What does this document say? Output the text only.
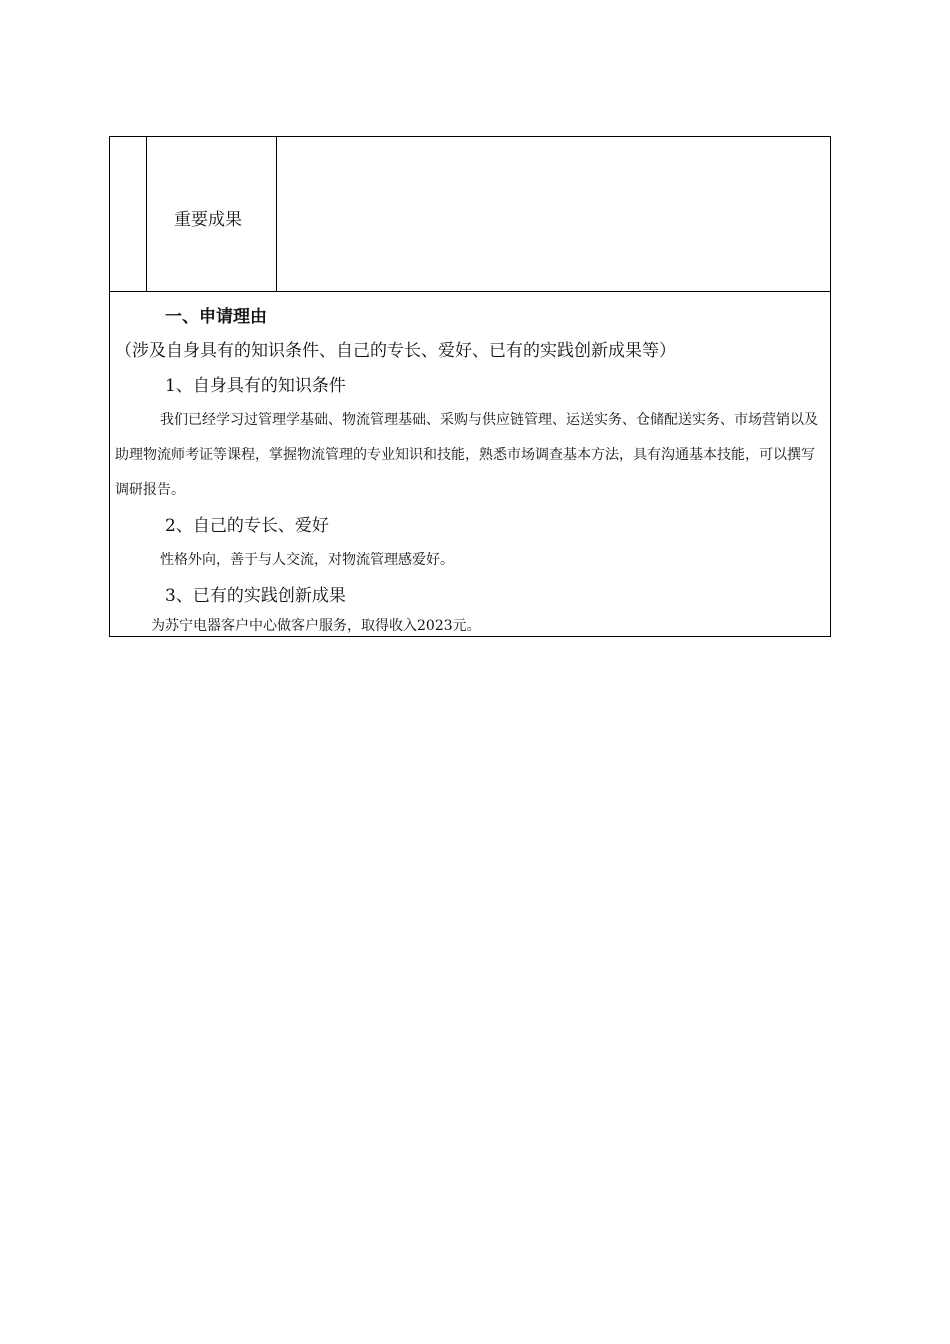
重要成果

一、申请理由（涉及自身具有的知识条件、自己的专长、爱好、已有的实践创新成果等）

1、自身具有的知识条件

我们已经学习过管理学基础、物流管理基础、采购与供应链管理、运送实务、仓储配送实务、市场营销以及助理物流师考证等课程，掌握物流管理的专业知识和技能，熟悉市场调查基本方法，具有沟通基本技能，可以撰写调研报告。

2、自己的专长、爱好

性格外向，善于与人交流，对物流管理感爱好。

3、已有的实践创新成果

为苏宁电器客户中心做客户服务，取得收入2023元。
